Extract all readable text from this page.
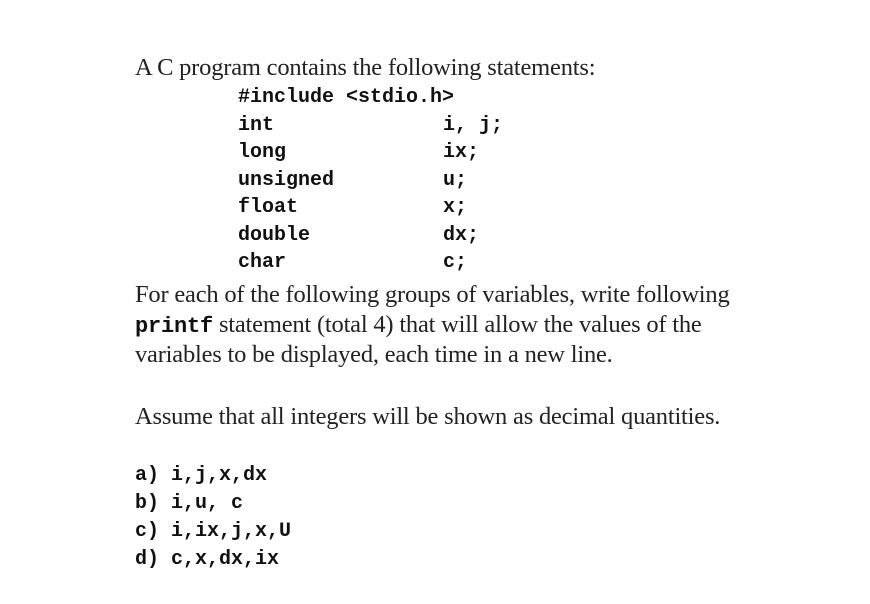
A C program contains the following statements:
#include <stdio.h>
int	i, j;
long	ix;
unsigned	u;
float	x;
double	dx;
char	c;
For each of the following groups of variables, write following
printf statement (total 4) that will allow the values of the
variables to be displayed, each time in a new line.
Assume that all integers will be shown as decimal quantities.
a) i,j,x,dx
b) i,u, c
c) i,ix,j,x,U
d) c,x,dx,ix
